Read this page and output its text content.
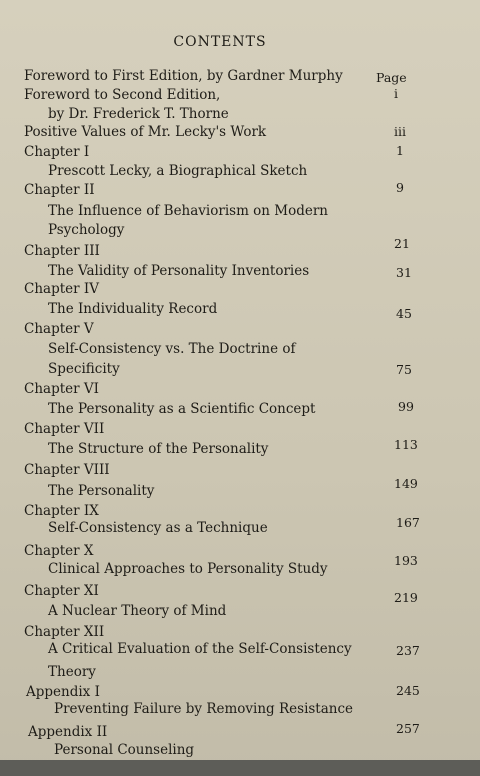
CONTENTS
Page
Foreword to First Edition, by Gardner Murphy
Foreword to Second Edition,
by Dr. Frederick T. Thorne
Positive Values of Mr. Lecky's Work
Chapter I
Prescott Lecky, a Biographical Sketch
Chapter II
The Influence of Behaviorism on Modern
Psychology
Chapter III
The Validity of Personality Inventories
Chapter IV
The Individuality Record
Chapter V
Self-Consistency vs. The Doctrine of
Specificity
Chapter VI
The Personality as a Scientific Concept
Chapter VII
The Structure of the Personality
Chapter VIII
The Personality
Chapter IX
Self-Consistency as a Technique
Chapter X
Clinical Approaches to Personality Study
Chapter XI
A Nuclear Theory of Mind
Chapter XII
A Critical Evaluation of the Self-Consistency
Theory
Appendix I
Preventing Failure by Removing Resistance
Appendix II
Personal Counseling
i
iii
1
9
21
31
45
75
99
113
149
167
193
219
237
245
257
